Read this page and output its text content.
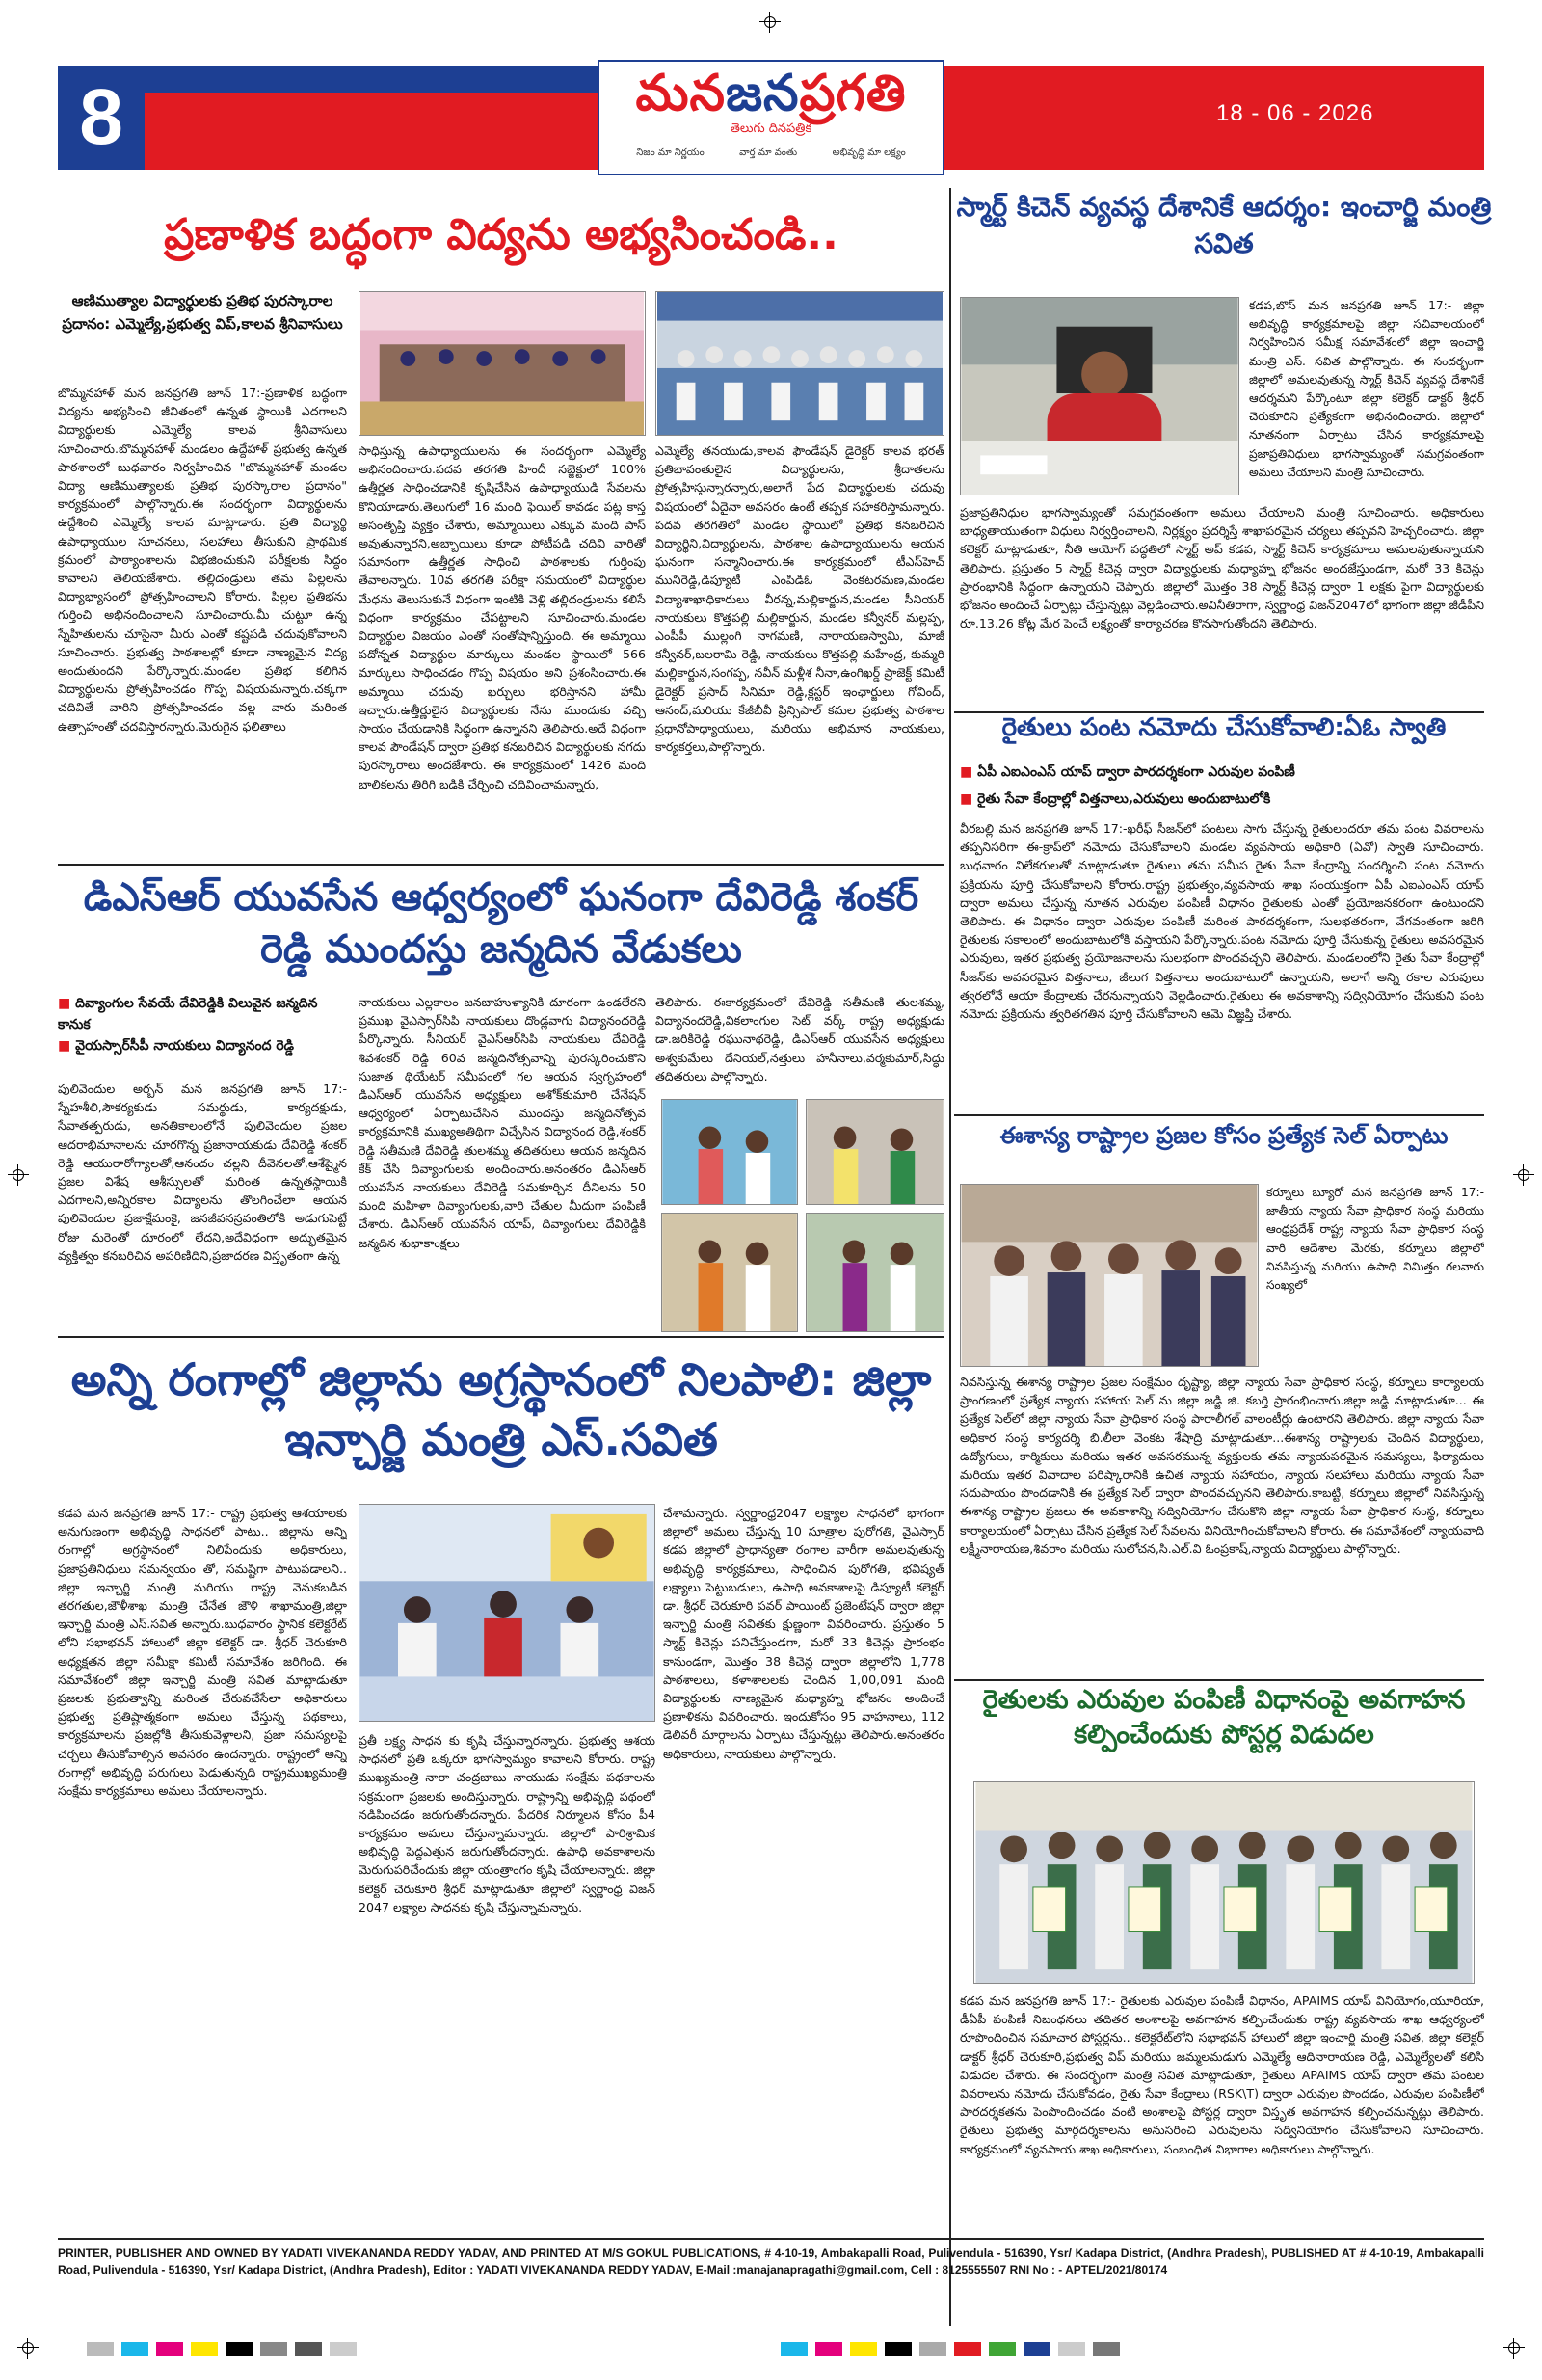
8	మనజనప్రగతి
తెలుగు దినపత్రిక
నిజం మా నిర్ణయం	వార్త మా వంతు	అభివృద్ధి మా లక్ష్యం
18 - 06 - 2026
ప్రణాళిక బద్ధంగా విద్యను అభ్యసించండి..
ఆణిముత్యాల విద్యార్థులకు ప్రతిభ పురస్కారాల ప్రదానం: ఎమ్మెల్యే,ప్రభుత్వ విప్,కాలవ శ్రీనివాసులు
బొమ్మనహాళ్ మన జనప్రగతి జూన్ 17:-ప్రణాళిక బద్ధంగా విద్యను అభ్యసించి జీవితంలో ఉన్నత స్థాయికి ఎదగాలని విద్యార్థులకు ఎమ్మెల్యే కాలవ శ్రీనివాసులు సూచించారు.బొమ్మనహాళ్ మండలం ఉద్దేహాళ్ ప్రభుత్వ ఉన్నత పాఠశాలలో బుధవారం నిర్వహించిన "బొమ్మనహాళ్ మండల విద్యా ఆణిముత్యాలకు ప్రతిభ పురస్కారాల ప్రదానం" కార్యక్రమంలో పాల్గొన్నారు.ఈ సందర్భంగా విద్యార్థులను ఉద్దేశించి ఎమ్మెల్యే కాలవ మాట్లాడారు. ప్రతి విద్యార్థి ఉపాధ్యాయుల సూచనలు, సలహాలు తీసుకుని ప్రాథమిక క్రమంలో పాఠ్యాంశాలను విభజించుకుని పరీక్షలకు సిద్ధం కావాలని తెలియజేశారు. తల్లిదండ్రులు తమ పిల్లలను విద్యాభ్యాసంలో ప్రోత్సహించాలని కోరారు. పిల్లల ప్రతిభను గుర్తించి అభినందించాలని సూచించారు.మీ చుట్టూ ఉన్న స్నేహితులను చూసైనా మీరు ఎంతో కష్టపడి చదువుకోవాలని సూచించారు. ప్రభుత్వ పాఠశాలల్లో కూడా నాణ్యమైన విద్య అందుతుందని పేర్కొన్నారు.మండల ప్రతిభ కలిగిన విద్యార్థులను ప్రోత్సహించడం గొప్ప విషయమన్నారు.చక్కగా చదివితే వారిని ప్రోత్సహించడం వల్ల వారు మరింత ఉత్సాహంతో చదవిస్తారన్నారు.మెరుగైన ఫలితాలు
సాధిస్తున్న ఉపాధ్యాయులను ఈ సందర్భంగా ఎమ్మెల్యే అభినందించారు.పదవ తరగతి హిందీ సబ్జెక్టులో 100% ఉత్తీర్ణత సాధించడానికి కృషిచేసిన ఉపాధ్యాయుడి సేవలను కొనియాడారు.తెలుగులో 16 మంది ఫెయిల్ కావడం పట్ల కాస్త అసంతృప్తి వ్యక్తం చేశారు, అమ్మాయిలు ఎక్కువ మంది పాస్ అవుతున్నారని,అబ్బాయిలు కూడా పోటీపడి చదివి వారితో సమానంగా ఉత్తీర్ణత సాధించి పాఠశాలకు గుర్తింపు తేవాలన్నారు. 10వ తరగతి పరీక్షా సమయంలో విద్యార్థుల మేధను తెలుసుకునే విధంగా ఇంటికి వెళ్లి తల్లిదండ్రులను కలిసే విధంగా కార్యక్రమం చేపట్టాలని సూచించారు.మండల విద్యార్థుల విజయం ఎంతో సంతోషాన్నిస్తుంది. ఈ అమ్మాయి పదోన్నత విద్యార్థుల మార్కులు మండల స్థాయిలో 566 మార్కులు సాధించడం గొప్ప విషయం అని ప్రశంసించారు.ఈ అమ్మాయి చదువు ఖర్చులు భరిస్తానని హామీ ఇచ్చారు.ఉత్తీర్ణులైన విద్యార్థులకు నేను ముందుకు వచ్చి సాయం చేయడానికి సిద్ధంగా ఉన్నానని తెలిపారు.అదే విధంగా కాలవ పౌండేషన్ ద్వారా ప్రతిభ కనబరిచిన విద్యార్థులకు నగదు పురస్కారాలు అందజేశారు. ఈ కార్యక్రమంలో 1426 మంది బాలికలను తిరిగి బడికి చేర్చించి చదివించామన్నారు,
ఎమ్మెల్యే తనయుడు,కాలవ ఫౌండేషన్ డైరెక్టర్ కాలవ భరత్ ప్రతిభావంతులైన విద్యార్థులను, శ్రీదాతలను ప్రోత్సహిస్తున్నారన్నారు,అలాగే పేద విద్యార్థులకు చదువు విషయంలో ఏదైనా అవసరం ఉంటే తప్పక సహకరిస్తామన్నారు. పదవ తరగతిలో మండల స్థాయిలో ప్రతిభ కనబరిచిన విద్యార్థిని,విద్యార్థులను, పాఠశాల ఉపాధ్యాయులను ఆయన ఘనంగా సన్మానించారు.ఈ కార్యక్రమంలో టీఎస్‌హెచ్ మునిరెడ్డి,డిప్యూటీ ఎంపిడిఓ వెంకటరమణ,మండల విద్యాశాఖాధికారులు వీరన్న,మల్లికార్జున,మండల సీనియర్ నాయకులు కొత్తపల్లి మల్లికార్జున, మండల కన్వీనర్ మల్లప్ప, ఎంపీపీ ముల్లంగి నాగమణి, నారాయణస్వామి, మాజీ కన్వీనర్,బలరామి రెడ్డి, నాయకులు కొత్తపల్లి మహేంద్ర, కుమ్మరి మల్లికార్జున,సంగప్ప, నవీన్ మళ్లీశ నీనా,ఉంగిఖర్డ్ ప్రాజెక్ట్ కమిటీ డైరెక్టర్ ప్రసాద్ సినిమా రెడ్డి,క్లస్టర్ ఇంఛార్జులు గోవింద్, ఆనంద్,మరియు కేజీబీవీ ప్రిన్సిపాల్ కమల ప్రభుత్వ పాఠశాల ప్రధానోపాధ్యాయులు, మరియు అభిమాన నాయకులు, కార్యకర్తలు,పాల్గొన్నారు.
స్మార్ట్ కిచెన్ వ్యవస్థ దేశానికే ఆదర్శం: ఇంచార్జి మంత్రి సవిత
కడప,బొస్ మన జనప్రగతి జూన్ 17:- జిల్లా అభివృద్ధి కార్యక్రమాలపై జిల్లా సచివాలయంలో నిర్వహించిన సమీక్ష సమావేశంలో జిల్లా ఇంచార్జి మంత్రి ఎస్. సవిత పాల్గొన్నారు. ఈ సందర్భంగా జిల్లాలో అమలవుతున్న స్మార్ట్ కిచెన్ వ్యవస్థ దేశానికే ఆదర్శమని పేర్కొంటూ జిల్లా కలెక్టర్ డాక్టర్ శ్రీధర్ చెరుకూరిని ప్రత్యేకంగా అభినందించారు. జిల్లాలో నూతనంగా ఏర్పాటు చేసిన కార్యక్రమాలపై ప్రజాప్రతినిధులు భాగస్వామ్యంతో సమగ్రవంతంగా అమలు చేయాలని మంత్రి సూచించారు.
ప్రజాప్రతినిధుల భాగస్వామ్యంతో సమగ్రవంతంగా అమలు చేయాలని మంత్రి సూచించారు. అధికారులు బాధ్యతాయుతంగా విధులు నిర్వర్తించాలని, నిర్లక్ష్యం ప్రదర్శిస్తే శాఖాపరమైన చర్యలు తప్పవని హెచ్చరించారు. జిల్లా కలెక్టర్ మాట్లాడుతూ, నీతి ఆయోగ్ పద్ధతిలో స్మార్ట్ అప్ కడప, స్మార్ట్ కిచెన్ కార్యక్రమాలు అమలవుతున్నాయని తెలిపారు. ప్రస్తుతం 5 స్మార్ట్ కిచెన్ల ద్వారా విద్యార్థులకు మధ్యాహ్న భోజనం అందజేస్తుండగా, మరో 33 కిచెన్లు ప్రారంభానికి సిద్ధంగా ఉన్నాయని చెప్పారు. జిల్లాలో మొత్తం 38 స్మార్ట్ కిచెన్ల ద్వారా 1 లక్షకు పైగా విద్యార్థులకు భోజనం అందించే ఏర్పాట్లు చేస్తున్నట్లు వెల్లడించారు.అవినీతిరాగా, స్వర్ణాంధ్ర విజన్2047లో భాగంగా జిల్లా జీడీపీని రూ.13.26 కోట్ల మేర పెంచే లక్ష్యంతో కార్యాచరణ కొనసాగుతోందని తెలిపారు.
రైతులు పంట నమోదు చేసుకోవాలి:ఏఓ స్వాతి
■ ఏపీ ఎఐఎంఎస్ యాప్ ద్వారా పారదర్శకంగా ఎరువుల పంపిణీ
■ రైతు సేవా కేంద్రాల్లో విత్తనాలు,ఎరువులు అందుబాటులోకి
వీరబల్లి మన జనప్రగతి జూన్ 17:-ఖరీఫ్ సీజన్‌లో పంటలు సాగు చేస్తున్న రైతులందరూ తమ పంట వివరాలను తప్పనిసరిగా ఈ-క్రాప్‌లో నమోదు చేసుకోవాలని మండల వ్యవసాయ అధికారి (ఏవో) స్వాతి సూచించారు. బుధవారం విలేకరులతో మాట్లాడుతూ రైతులు తమ సమీప రైతు సేవా కేంద్రాన్ని సందర్శించి పంట నమోదు ప్రక్రియను పూర్తి చేసుకోవాలని కోరారు.రాష్ట్ర ప్రభుత్వం,వ్యవసాయ శాఖ సంయుక్తంగా ఏపీ ఎఐఎంఎస్ యాప్ ద్వారా అమలు చేస్తున్న నూతన ఎరువుల పంపిణీ విధానం రైతులకు ఎంతో ప్రయోజనకరంగా ఉంటుందని తెలిపారు. ఈ విధానం ద్వారా ఎరువుల పంపిణీ మరింత పారదర్శకంగా, సులభతరంగా, వేగవంతంగా జరిగి రైతులకు సకాలంలో అందుబాటులోకి వస్తాయని పేర్కొన్నారు.పంట నమోదు పూర్తి చేసుకున్న రైతులు అవసరమైన ఎరువులు, ఇతర ప్రభుత్వ ప్రయోజనాలను సులభంగా పొందవచ్చని తెలిపారు. మండలంలోని రైతు సేవా కేంద్రాల్లో సీజన్‌కు అవసరమైన విత్తనాలు, జీలుగ విత్తనాలు అందుబాటులో ఉన్నాయని, అలాగే అన్ని రకాల ఎరువులు త్వరలోనే ఆయా కేంద్రాలకు చేరనున్నాయని వెల్లడించారు.రైతులు ఈ అవకాశాన్ని సద్వినియోగం చేసుకుని పంట నమోదు ప్రక్రియను త్వరితగతిన పూర్తి చేసుకోవాలని ఆమె విజ్ఞప్తి చేశారు.
ఈశాన్య రాష్ట్రాల ప్రజల కోసం ప్రత్యేక సెల్ ఏర్పాటు
కర్నూలు బ్యూరో మన జనప్రగతి జూన్ 17:-జాతీయ న్యాయ సేవా ప్రాధికార సంస్థ మరియు ఆంధ్రప్రదేశ్ రాష్ట్ర న్యాయ సేవా ప్రాధికార సంస్థ వారి ఆదేశాల మేరకు, కర్నూలు జిల్లాలో నివసిస్తున్న మరియు ఉపాధి నిమిత్తం గలవారు సంఖ్యలో
నివసిస్తున్న ఈశాన్య రాష్ట్రాల ప్రజల సంక్షేమం దృష్ట్యా, జిల్లా న్యాయ సేవా ప్రాధికార సంస్థ, కర్నూలు కార్యాలయ ప్రాంగణంలో ప్రత్యేక న్యాయ సహాయ సెల్ ను జిల్లా జడ్జి జి. కబర్తి ప్రారంభించారు.జిల్లా జడ్జి మాట్లాడుతూ... ఈ ప్రత్యేక సెల్‌లో జిల్లా న్యాయ సేవా ప్రాధికార సంస్థ పారాలీగల్ వాలంటీర్లు ఉంటారని తెలిపారు. జిల్లా న్యాయ సేవా అధికార సంస్థ కార్యదర్శి బి.లీలా వెంకట శేషాద్రి మాట్లాడుతూ...ఈశాన్య రాష్ట్రాలకు చెందిన విద్యార్థులు, ఉద్యోగులు, కార్మికులు మరియు ఇతర అవసరమున్న వ్యక్తులకు తమ న్యాయపరమైన సమస్యలు, ఫిర్యాదులు మరియు ఇతర వివాదాల పరిష్కారానికి ఉచిత న్యాయ సహాయం, న్యాయ సలహాలు మరియు న్యాయ సేవా సదుపాయం పొందడానికి ఈ ప్రత్యేక సెల్ ద్వారా పొందవచ్చునని తెలిపారు.కాబట్టి, కర్నూలు జిల్లాలో నివసిస్తున్న ఈశాన్య రాష్ట్రాల ప్రజలు ఈ అవకాశాన్ని సద్వినియోగం చేసుకొని జిల్లా న్యాయ సేవా ప్రాధికార సంస్థ, కర్నూలు కార్యాలయంలో ఏర్పాటు చేసిన ప్రత్యేక సెల్ సేవలను వినియోగించుకోవాలని కోరారు. ఈ సమావేశంలో న్యాయవాది లక్ష్మీనారాయణ,శివరాం మరియు సులోచన,సి.ఎల్.వి ఓంప్రకాష్,న్యాయ విద్యార్థులు పాల్గొన్నారు.
రైతులకు ఎరువుల పంపిణీ విధానంపై అవగాహన కల్పించేందుకు పోస్టర్ల విడుదల
కడప మన జనప్రగతి జూన్ 17:- రైతులకు ఎరువుల పంపిణీ విధానం, APAIMS యాప్ వినియోగం,యూరియా, డీఏపీ పంపిణీ నిబంధనలు తదితర అంశాలపై అవగాహన కల్పించేందుకు రాష్ట్ర వ్యవసాయ శాఖ ఆధ్వర్యంలో రూపొందించిన సమాచార పోస్టర్లను.. కలెక్టరేట్‌లోని సభాభవన్ హాలులో జిల్లా ఇంచార్జి మంత్రి సవిత, జిల్లా కలెక్టర్ డాక్టర్ శ్రీధర్ చెరుకూరి,ప్రభుత్వ విప్ మరియు జమ్మలమడుగు ఎమ్మెల్యే ఆదినారాయణ రెడ్డి, ఎమ్మెల్యేలతో కలిసి విడుదల చేశారు. ఈ సందర్భంగా మంత్రి సవిత మాట్లాడుతూ, రైతులు APAIMS యాప్ ద్వారా తమ పంటల వివరాలను నమోదు చేసుకోవడం, రైతు సేవా కేంద్రాలు (RSK\T) ద్వారా ఎరువుల పొందడం, ఎరువుల పంపిణీలో పారదర్శకతను పెంపొందించడం వంటి అంశాలపై పోస్టర్ల ద్వారా విస్తృత అవగాహన కల్పించనున్నట్లు తెలిపారు. రైతులు ప్రభుత్వ మార్గదర్శకాలను అనుసరించి ఎరువులను సద్వినియోగం చేసుకోవాలని సూచించారు. కార్యక్రమంలో వ్యవసాయ శాఖ అధికారులు, సంబంధిత విభాగాల అధికారులు పాల్గొన్నారు.
డిఎస్ఆర్ యువసేన ఆధ్వర్యంలో ఘనంగా దేవిరెడ్డి శంకర్ రెడ్డి ముందస్తు జన్మదిన వేడుకలు
■ దివ్యాంగుల సేవయే దేవిరెడ్డికి విలువైన జన్మదిన కానుక
■ వైయస్సార్‌సీపీ నాయకులు విద్యానంద రెడ్డి
పులివెందుల అర్బన్ మన జనప్రగతి జూన్ 17:-స్నేహశీలి,సౌకర్యకుడు సమర్థుడు, కార్యదక్షుడు, సేవాతత్పరుడు, అనతికాలంలోనే పులివెందుల ప్రజల ఆదరాభిమానాలను చూరగొన్న ప్రజానాయకుడు దేవిరెడ్డి శంకర్ రెడ్డి ఆయురారోగ్యాలతో,ఆనందం చల్లని దీవెనలతో,ఆశేష్మైన ప్రజల విశేష ఆశీస్సులతో మరింత ఉన్నతస్థాయికి ఎదగాలని,అన్నిరకాల విద్యాలను తొలగించేలా ఆయన పులివెందుల ప్రజాక్షేమంకై, జనజీవనస్రవంతిలోకి అడుగుపెట్టే రోజు మరెంతో దూరంలో లేదని,అదేవిధంగా అద్భుతమైన వ్యక్తిత్వం కనబరిచిన అపరిణిదిని,ప్రజాదరణ విస్తృతంగా ఉన్న
నాయకులు ఎల్లకాలం జనబాహుళ్యానికి దూరంగా ఉండలేరని ప్రముఖ వైఎస్సార్‌సిపి నాయకులు దొండ్లవాగు విద్యానందరెడ్డి పేర్కొన్నారు. సీనియర్ వైఎస్‌ఆర్‌సిపి నాయకులు దేవిరెడ్డి శివశంకర్ రెడ్డి 60వ జన్మదినోత్సవాన్ని పురస్కరించుకొని సుజాత థియేటర్ సమీపంలో గల ఆయన స్వగృహంలో డిఎస్‌ఆర్ యువసేన అధ్యక్షులు అశోక్‌కుమారి చేనేషన్ ఆధ్వర్యంలో ఏర్పాటుచేసిన ముందస్తు జన్మదినోత్సవ కార్యక్రమానికి ముఖ్యఅతిథిగా విచ్చేసిన విద్యానంద రెడ్డి,శంకర్ రెడ్డి సతీమణి దేవిరెడ్డి తులశమ్మ తదితరులు ఆయన జన్మదిన కేక్ చేసి దివ్యాంగులకు అందించారు.అనంతరం డిఎస్ఆర్ యువసేన నాయకులు దేవిరెడ్డి సమకూర్చిన దీనిలను 50 మంది మహిళా దివ్యాంగులకు,వారి చేతుల మీదుగా పంపిణీ చేశారు. డిఎస్ఆర్ యువసేన యాప్, దివ్యాంగులు దేవిరెడ్డికి జన్మదిన శుభాకాంక్షలు
తెలిపారు. ఈకార్యక్రమంలో దేవిరెడ్డి సతీమణి తులశమ్మ, విద్యానందరెడ్డి,వికలాంగుల సెట్ వర్క్ రాష్ట్ర అధ్యక్షుడు డా.జరికిరెడ్డి రఘునాథరెడ్డి, డిఎస్ఆర్ యువసేన అధ్యక్షులు అశ్వకుమేలు దేనియల్,నత్తులు హనీనాలు,వర్మకుమార్,సిద్ధు తదితరులు పాల్గొన్నారు.
అన్ని రంగాల్లో జిల్లాను అగ్రస్థానంలో నిలపాలి: జిల్లా ఇన్చార్జి మంత్రి ఎస్.సవిత
కడప మన జనప్రగతి జూన్ 17:- రాష్ట్ర ప్రభుత్వ ఆశయాలకు అనుగుణంగా అభివృద్ధి సాధనలో పాటు.. జిల్లాను అన్ని రంగాల్లో అగ్రస్థానంలో నిలిపేందుకు అధికారులు, ప్రజాప్రతినిధులు సమన్వయం తో, సమష్టిగా పాటుపడాలని.. జిల్లా ఇన్చార్జి మంత్రి మరియు రాష్ట్ర వెనుకబడిన తరగతుల,జౌళీశాఖ మంత్రి చేనేత జౌళి శాఖామంత్రి,జిల్లా ఇన్చార్జి మంత్రి ఎస్.సవిత అన్నారు.బుధవారం స్థానిక కలెక్టరేట్ లోని సభాభవన్ హాలులో జిల్లా కలెక్టర్ డా. శ్రీధర్ చెరుకూరి అధ్యక్షతన జిల్లా సమీక్షా కమిటీ సమావేశం జరిగింది. ఈ సమావేశంలో జిల్లా ఇన్చార్జి మంత్రి సవిత మాట్లాడుతూ ప్రజలకు ప్రభుత్వాన్ని మరింత చేరువచేసేలా అధికారులు ప్రభుత్వ ప్రతిష్టాత్మకంగా అమలు చేస్తున్న పథకాలు, కార్యక్రమాలను ప్రజల్లోకి తీసుకువెళ్లాలని, ప్రజా సమస్యలపై చర్చలు తీసుకోవాల్సిన అవసరం ఉందన్నారు. రాష్ట్రంలో అన్ని రంగాల్లో అభివృద్ధి పరుగులు పెడుతున్నది రాష్ట్రముఖ్యమంత్రి సంక్షేమ కార్యక్రమాలు అమలు చేయాలన్నారు.
చేశామన్నారు. స్వర్ణాంధ్ర2047 లక్ష్యాల సాధనలో భాగంగా జిల్లాలో అమలు చేస్తున్న 10 సూత్రాల పురోగతి, వైఎస్సార్ కడప జిల్లాలో ప్రాధాన్యతా రంగాల వారీగా అమలవుతున్న అభివృద్ధి కార్యక్రమాలు, సాధించిన పురోగతి, భవిష్యత్ లక్ష్యాలు పెట్టుబడులు, ఉపాధి అవకాశాలపై డిప్యూటీ కలెక్టర్ డా. శ్రీధర్ చెరుకూరి పవర్ పాయింట్ ప్రజెంటేషన్ ద్వారా జిల్లా ఇన్చార్జి మంత్రి సవితకు క్షుణ్ణంగా వివరించారు. ప్రస్తుతం 5 స్మార్ట్ కిచెన్లు పనిచేస్తుండగా, మరో 33 కిచెన్లు ప్రారంభం కానుండగా, మొత్తం 38 కిచెన్ల ద్వారా జిల్లాలోని 1,778 పాఠశాలలు, కళాశాలలకు చెందిన 1,00,091 మంది విద్యార్థులకు నాణ్యమైన మధ్యాహ్న భోజనం అందించే ప్రణాళికను వివరించారు. ఇందుకోసం 95 వాహనాలు, 112 డెలివరీ మార్గాలను ఏర్పాటు చేస్తున్నట్లు తెలిపారు.అనంతరం అధికారులు, నాయకులు పాల్గొన్నారు.
ప్రతీ లక్ష్య సాధన కు కృషి చేస్తున్నారన్నారు. ప్రభుత్వ ఆశయ సాధనలో ప్రతి ఒక్కరూ భాగస్వామ్యం కావాలని కోరారు. రాష్ట్ర ముఖ్యమంత్రి నారా చంద్రబాబు నాయుడు సంక్షేమ పథకాలను సక్రమంగా ప్రజలకు అందిస్తున్నారు. రాష్ట్రాన్ని అభివృద్ధి పథంలో నడిపించడం జరుగుతోందన్నారు. పేదరిక నిర్మూలన కోసం పీ4 కార్యక్రమం అమలు చేస్తున్నామన్నారు. జిల్లాలో పారిశ్రామిక అభివృద్ధి పెద్దఎత్తున జరుగుతోందన్నారు. ఉపాధి అవకాశాలను మెరుగుపరిచేందుకు జిల్లా యంత్రాంగం కృషి చేయాలన్నారు. జిల్లా కలెక్టర్ చెరుకూరి శ్రీధర్ మాట్లాడుతూ జిల్లాలో స్వర్ణాంధ్ర విజన్ 2047 లక్ష్యాల సాధనకు కృషి చేస్తున్నామన్నారు.
PRINTER, PUBLISHER AND OWNED BY YADATI VIVEKANANDA REDDY YADAV, AND PRINTED AT M/S GOKUL PUBLICATIONS, # 4-10-19, Ambakapalli Road, Pulivendula - 516390, Ysr/ Kadapa District, (Andhra Pradesh), PUBLISHED AT # 4-10-19, Ambakapalli Road, Pulivendula - 516390, Ysr/ Kadapa District, (Andhra Pradesh), Editor : YADATI VIVEKANANDA REDDY YADAV, E-Mail :manajanapragathi@gmail.com, Cell : 8125555507 RNI No : - APTEL/2021/80174
